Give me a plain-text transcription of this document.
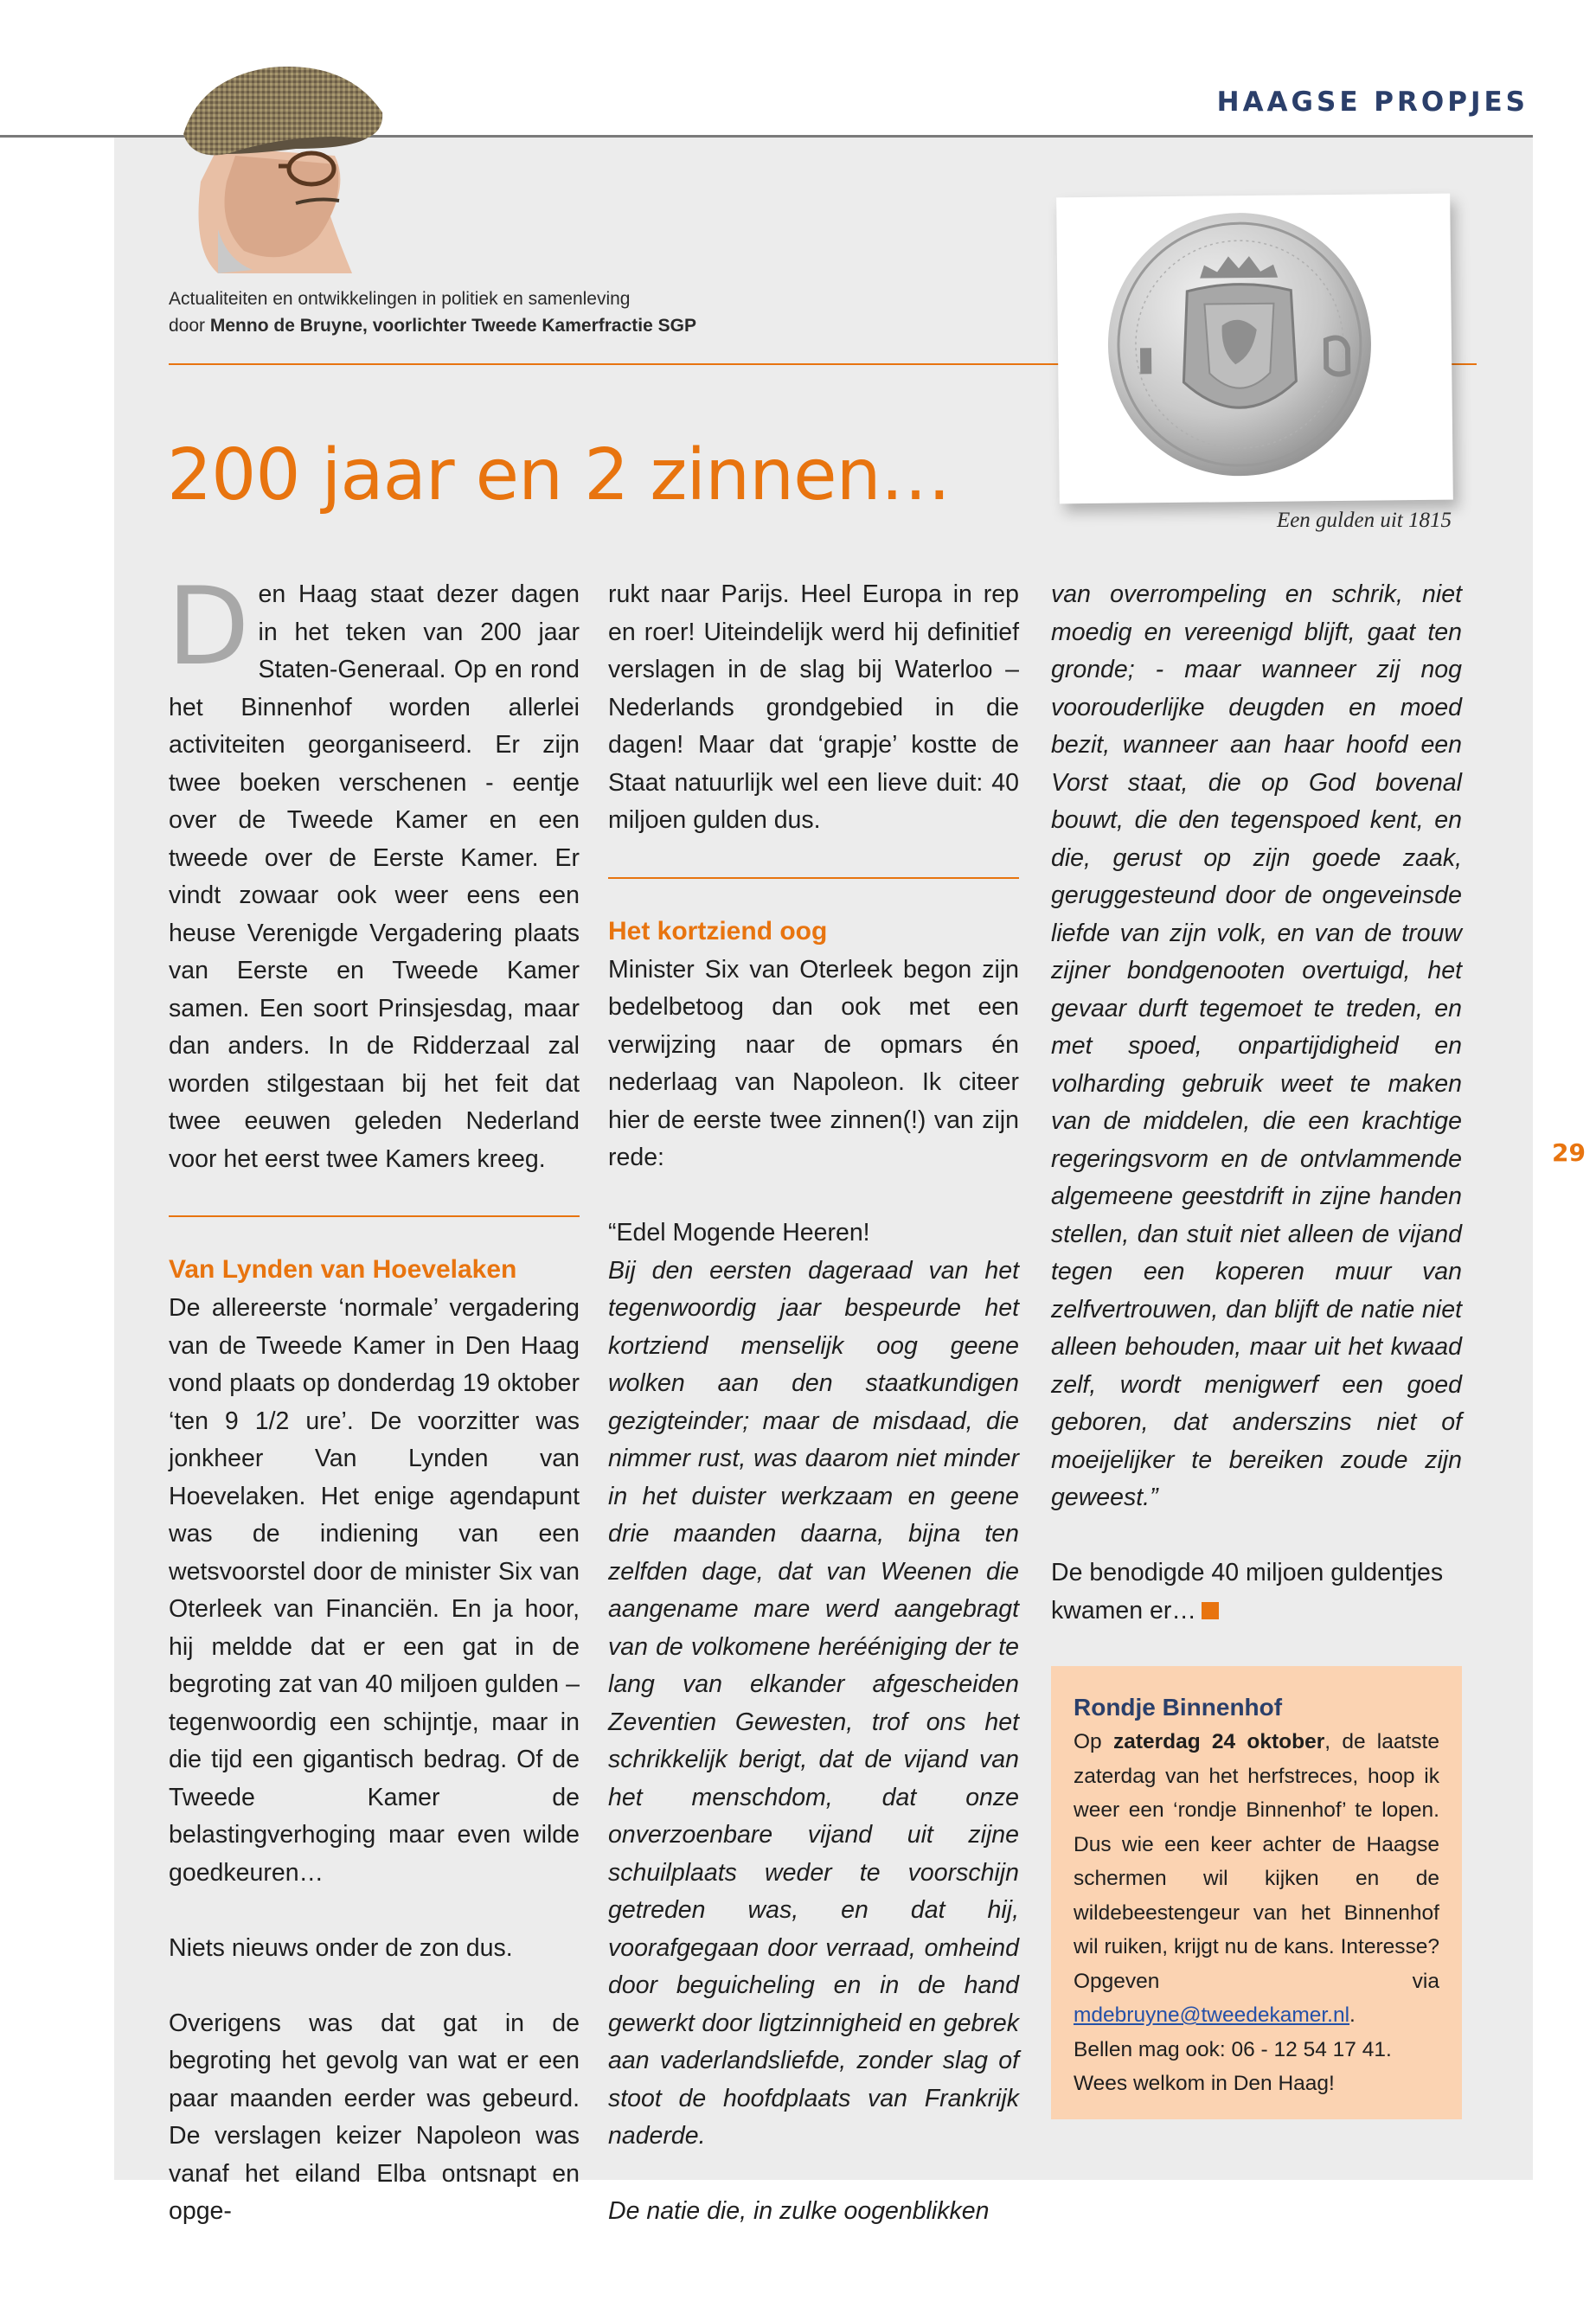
HAAGSE PROPJES
Actualiteiten en ontwikkelingen in politiek en samenleving
door Menno de Bruyne, voorlichter Tweede Kamerfractie SGP
Een gulden uit 1815
200 jaar en 2 zinnen…

Den Haag staat dezer dagen in het teken van 200 jaar Staten-Generaal. Op en rond het Binnenhof worden allerlei activiteiten georganiseerd. Er zijn twee boeken verschenen - eentje over de Tweede Kamer en een tweede over de Eerste Kamer. Er vindt zowaar ook weer eens een heuse Verenigde Vergadering plaats van Eerste en Tweede Kamer samen. Een soort Prinsjesdag, maar dan anders. In de Ridderzaal zal worden stilgestaan bij het feit dat twee eeuwen geleden Nederland voor het eerst twee Kamers kreeg.

Van Lynden van Hoevelaken

De allereerste ‘normale’ vergadering van de Tweede Kamer in Den Haag vond plaats op donderdag 19 oktober ‘ten 9 1/2 ure’. De voorzitter was jonkheer Van Lynden van Hoevelaken. Het enige agendapunt was de indiening van een wetsvoorstel door de minister Six van Oterleek van Financiën. En ja hoor, hij meldde dat er een gat in de begroting zat van 40 miljoen gulden – tegenwoordig een schijntje, maar in die tijd een gigantisch bedrag. Of de Tweede Kamer de belastingverhoging maar even wilde goedkeuren…

Niets nieuws onder de zon dus.

Overigens was dat gat in de begroting het gevolg van wat er een paar maanden eerder was gebeurd. De verslagen keizer Napoleon was vanaf het eiland Elba ontsnapt en opge-

rukt naar Parijs. Heel Europa in rep en roer! Uiteindelijk werd hij definitief verslagen in de slag bij Waterloo – Nederlands grondgebied in die dagen! Maar dat ‘grapje’ kostte de Staat natuurlijk wel een lieve duit: 40 miljoen gulden dus.

Het kortziend oog

Minister Six van Oterleek begon zijn bedelbetoog dan ook met een verwijzing naar de opmars én nederlaag van Napoleon. Ik citeer hier de eerste twee zinnen(!) van zijn rede:

“Edel Mogende Heeren!

Bij den eersten dageraad van het tegenwoordig jaar bespeurde het kortziend menselijk oog geene wolken aan den staatkundigen gezigteinder; maar de misdaad, die nimmer rust, was daarom niet minder in het duister werkzaam en geene drie maanden daarna, bijna ten zelfden dage, dat van Weenen die aangename mare werd aangebragt van de volkomene herééniging der te lang van elkander afgescheiden Zeventien Gewesten, trof ons het schrikkelijk berigt, dat de vijand van het menschdom, dat onze onverzoenbare vijand uit zijne schuilplaats weder te voorschijn getreden was, en dat hij, voorafgegaan door verraad, omheind door beguicheling en in de hand gewerkt door ligtzinnigheid en gebrek aan vaderlandsliefde, zonder slag of stoot de hoofdplaats van Frankrijk naderde.

De natie die, in zulke oogenblikken

van overrompeling en schrik, niet moedig en vereenigd blijft, gaat ten gronde; - maar wanneer zij nog voorouderlijke deugden en moed bezit, wanneer aan haar hoofd een Vorst staat, die op God bovenal bouwt, die den tegenspoed kent, en die, gerust op zijn goede zaak, geruggesteund door de ongeveinsde liefde van zijn volk, en van de trouw zijner bondgenooten overtuigd, het gevaar durft tegemoet te treden, en met spoed, onpartijdigheid en volharding gebruik weet te maken van de middelen, die een krachtige regeringsvorm en de ontvlammende algemeene geestdrift in zijne handen stellen, dan stuit niet alleen de vijand tegen een koperen muur van zelfvertrouwen, dan blijft de natie niet alleen behouden, maar uit het kwaad zelf, wordt menigwerf een goed geboren, dat anderszins niet of moeijelijker te bereiken zoude zijn geweest.”

De benodigde 40 miljoen guldentjes kwamen er…

Rondje Binnenhof

Op zaterdag 24 oktober, de laatste zaterdag van het herfstreces, hoop ik weer een ‘rondje Binnenhof’ te lopen. Dus wie een keer achter de Haagse schermen wil kijken en de wildebeestengeur van het Binnenhof wil ruiken, krijgt nu de kans. Interesse? Opgeven via mdebruyne@tweedekamer.nl.

Bellen mag ook: 06 - 12 54 17 41.

Wees welkom in Den Haag!

29
